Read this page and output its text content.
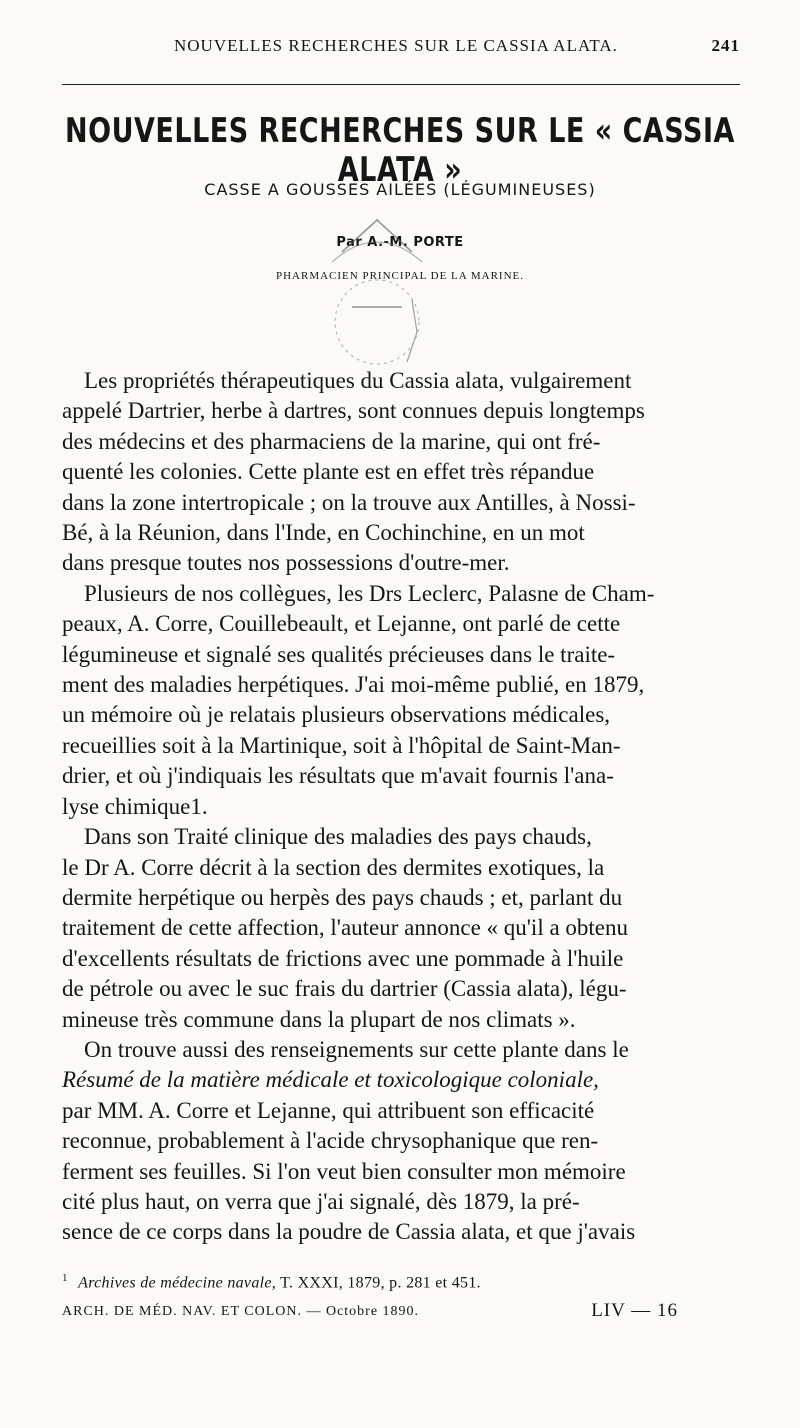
NOUVELLES RECHERCHES SUR LE CASSIA ALATA.	241
NOUVELLES RECHERCHES SUR LE « CASSIA ALATA »
CASSE A GOUSSES AILÉES (LÉGUMINEUSES)
Par A.-M. PORTE
PHARMACIEN PRINCIPAL DE LA MARINE.

Les propriétés thérapeutiques du Cassia alata, vulgairement
appelé Dartrier, herbe à dartres, sont connues depuis longtemps
des médecins et des pharmaciens de la marine, qui ont fré-
quenté les colonies. Cette plante est en effet très répandue
dans la zone intertropicale ; on la trouve aux Antilles, à Nossi-
Bé, à la Réunion, dans l'Inde, en Cochinchine, en un mot
dans presque toutes nos possessions d'outre-mer.

Plusieurs de nos collègues, les Drs Leclerc, Palasne de Cham-
peaux, A. Corre, Couillebeault, et Lejanne, ont parlé de cette
légumineuse et signalé ses qualités précieuses dans le traite-
ment des maladies herpétiques. J'ai moi-même publié, en 1879,
un mémoire où je relatais plusieurs observations médicales,
recueillies soit à la Martinique, soit à l'hôpital de Saint-Man-
drier, et où j'indiquais les résultats que m'avait fournis l'ana-
lyse chimique1.

Dans son Traité clinique des maladies des pays chauds,
le Dr A. Corre décrit à la section des dermites exotiques, la
dermite herpétique ou herpès des pays chauds ; et, parlant du
traitement de cette affection, l'auteur annonce « qu'il a obtenu
d'excellents résultats de frictions avec une pommade à l'huile
de pétrole ou avec le suc frais du dartrier (Cassia alata), légu-
mineuse très commune dans la plupart de nos climats ».

On trouve aussi des renseignements sur cette plante dans le
Résumé de la matière médicale et toxicologique coloniale,
par MM. A. Corre et Lejanne, qui attribuent son efficacité
reconnue, probablement à l'acide chrysophanique que ren-
ferment ses feuilles. Si l'on veut bien consulter mon mémoire
cité plus haut, on verra que j'ai signalé, dès 1879, la pré-
sence de ce corps dans la poudre de Cassia alata, et que j'avais

$^1$ Archives de médecine navale, T. XXXI, 1879, p. 281 et 451.
ARCH. DE MÉD. NAV. ET COLON. — Octobre 1890.	LIV — 16
